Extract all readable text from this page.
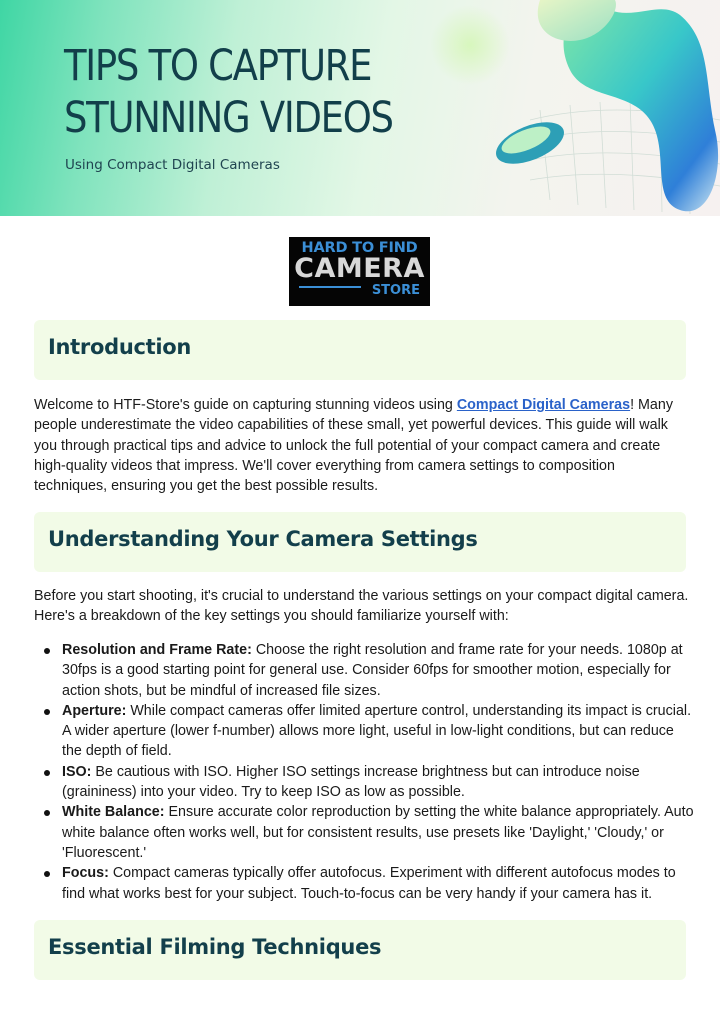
TIPS TO CAPTURE
STUNNING VIDEOS
Using Compact Digital Cameras
HARD TO FIND
CAMERA
STORE
Introduction

Welcome to HTF-Store's guide on capturing stunning videos using Compact Digital Cameras! Many people underestimate the video capabilities of these small, yet powerful devices. This guide will walk you through practical tips and advice to unlock the full potential of your compact camera and create high-quality videos that impress. We'll cover everything from camera settings to composition techniques, ensuring you get the best possible results.

Understanding Your Camera Settings

Before you start shooting, it's crucial to understand the various settings on your compact digital camera. Here's a breakdown of the key settings you should familiarize yourself with:

Resolution and Frame Rate: Choose the right resolution and frame rate for your needs. 1080p at 30fps is a good starting point for general use. Consider 60fps for smoother motion, especially for action shots, but be mindful of increased file sizes.
Aperture: While compact cameras offer limited aperture control, understanding its impact is crucial. A wider aperture (lower f-number) allows more light, useful in low-light conditions, but can reduce the depth of field.
ISO: Be cautious with ISO. Higher ISO settings increase brightness but can introduce noise (graininess) into your video. Try to keep ISO as low as possible.
White Balance: Ensure accurate color reproduction by setting the white balance appropriately. Auto white balance often works well, but for consistent results, use presets like 'Daylight,' 'Cloudy,' or 'Fluorescent.'
Focus: Compact cameras typically offer autofocus. Experiment with different autofocus modes to find what works best for your subject. Touch-to-focus can be very handy if your camera has it.
Essential Filming Techniques
